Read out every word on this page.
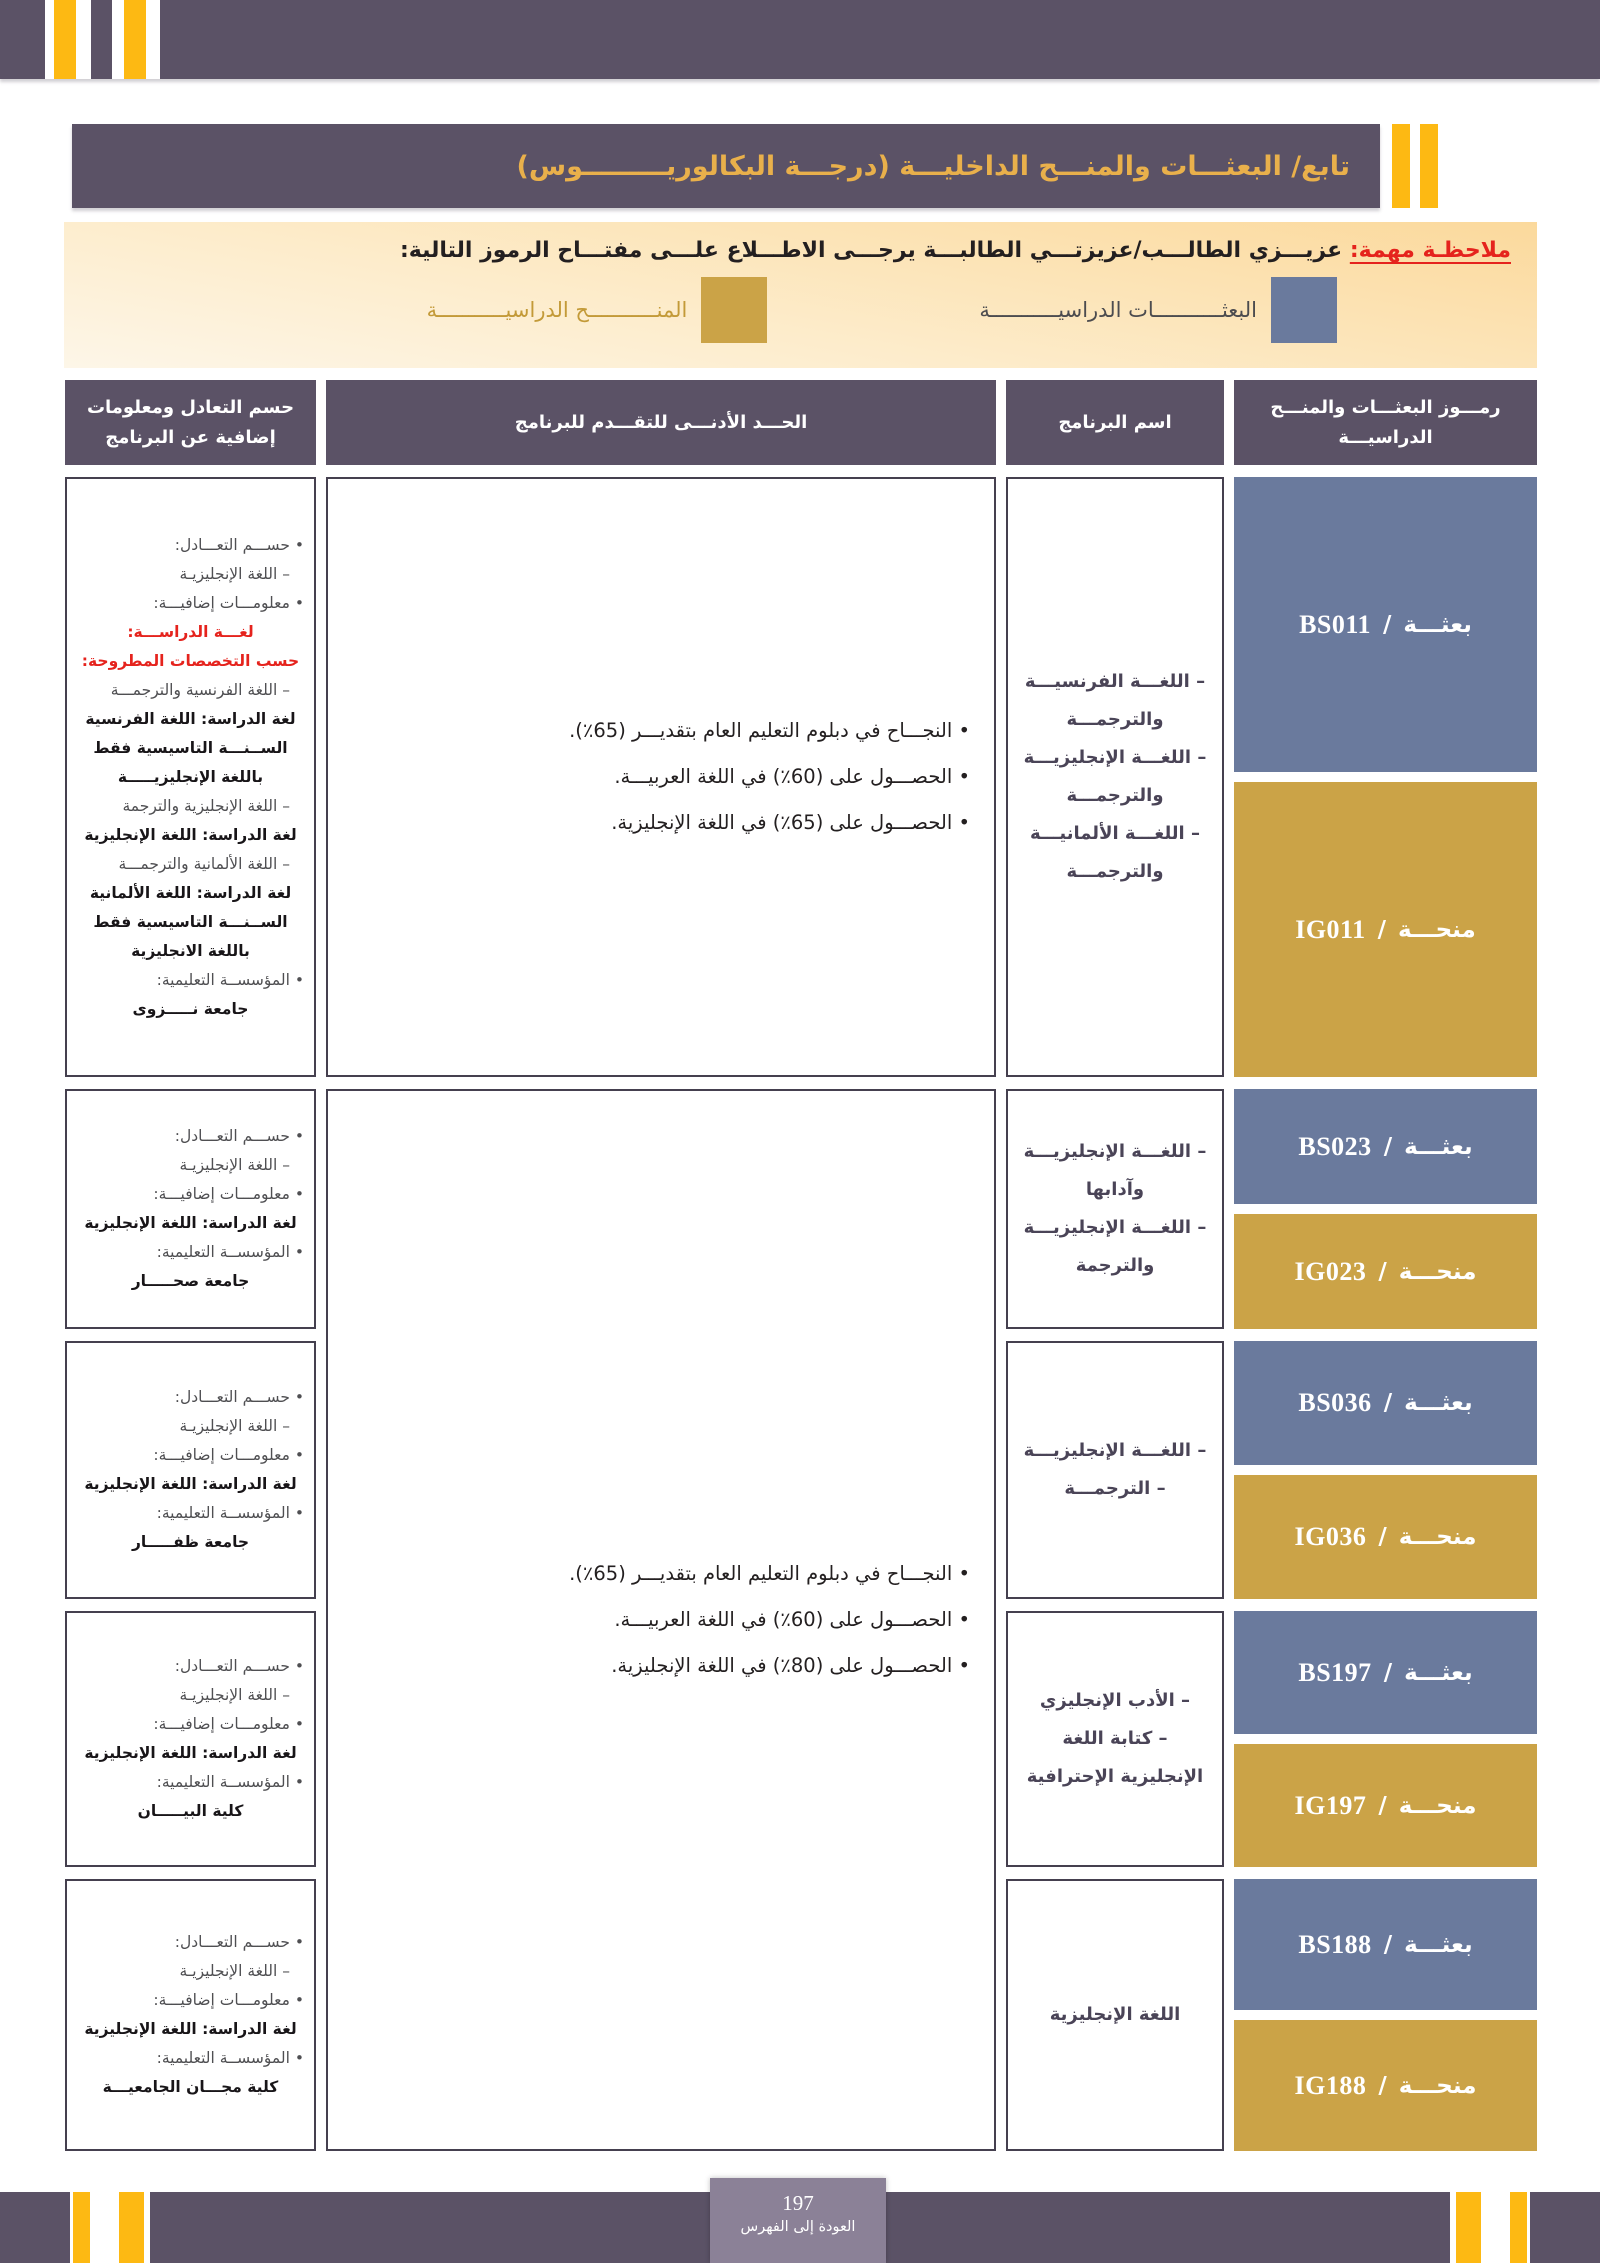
تابع/ البعثـــات والمنـــح الداخليـــة (درجـــة البكالوريـــــــــوس)
ملاحظـة مهمة: عزيـــزي الطالـــب/عزيزتـــي الطالبـــة يرجـــى الاطـــلاع علـــى مفتـــاح الرموز التالية:
البعثـــــــــــات الدراسيـــــــــــة
المنـــــــــــح الدراسيـــــــــــة
رمـــوز البعثـــات والمنـــح الدراسيـــة
اسم البرنامج
الحـــد الأدنـــى للتقـــدم للبرنامج
حسم التعادل ومعلومات إضافية عن البرنامج
بعثـــة
/
BS011
منحـــة
/
IG011
– اللغـــة الفرنسيـــة والترجمـــة
– اللغـــة الإنجليزيـــة والترجمـــة
– اللغـــة الألمانيـــة والترجمـــة
• النجـــاح في دبلوم التعليم العام بتقديـــر (65٪).
• الحصـــول على (60٪) في اللغة العربيـــة.
• الحصـــول على (65٪) في اللغة الإنجليزية.
• حســـم التعـــادل:
– اللغة الإنجليزيـة
• معلومـــات إضافيـــة:
لغـــة الدراســـة:
حسب التخصصات المطروحة:
– اللغة الفرنسية والترجمـــة
لغة الدراسة: اللغة الفرنسية
الســنـــة التاسيسية فقط
باللغة الإنجليزيـــــة
– اللغة الإنجليزية والترجمة
لغة الدراسة: اللغة الإنجليزية
– اللغة الألمانية والترجمـــة
لغة الدراسة: اللغة الألمانية
الســنـــة التاسيسية فقط
باللغة الانجليزية
• المؤسســة التعليمية:
جامعة نـــــزوى
• النجـــاح في دبلوم التعليم العام بتقديـــر (65٪).
• الحصـــول على (60٪) في اللغة العربيـــة.
• الحصـــول على (80٪) في اللغة الإنجليزية.
بعثـــة
/
BS023
منحـــة
/
IG023
– اللغـــة الإنجليزيـــة وآدابها
– اللغـــة الإنجليزيـــة والترجمة
• حســـم التعـــادل:
– اللغة الإنجليزيـة
• معلومـــات إضافيـــة:
لغة الدراسة: اللغة الإنجليزية
• المؤسســة التعليمية:
جامعة صحـــــار
بعثـــة
/
BS036
منحـــة
/
IG036
– اللغـــة الإنجليزيـــة
– الترجمـــة
• حســـم التعـــادل:
– اللغة الإنجليزيـة
• معلومـــات إضافيـــة:
لغة الدراسة: اللغة الإنجليزية
• المؤسســة التعليمية:
جامعة ظفـــــار
بعثـــة
/
BS197
منحـــة
/
IG197
– الأدب الإنجليزي
– كتابة اللغة الإنجليزية الإحترافية
• حســـم التعـــادل:
– اللغة الإنجليزيـة
• معلومـــات إضافيـــة:
لغة الدراسة: اللغة الإنجليزية
• المؤسســة التعليمية:
كلية البيـــــان
بعثـــة
/
BS188
منحـــة
/
IG188
اللغة الإنجليزية
• حســـم التعـــادل:
– اللغة الإنجليزيـة
• معلومـــات إضافيـــة:
لغة الدراسة: اللغة الإنجليزية
• المؤسســة التعليمية:
كلية مجـــان الجامعيـــة
197
العودة إلى الفهرس
